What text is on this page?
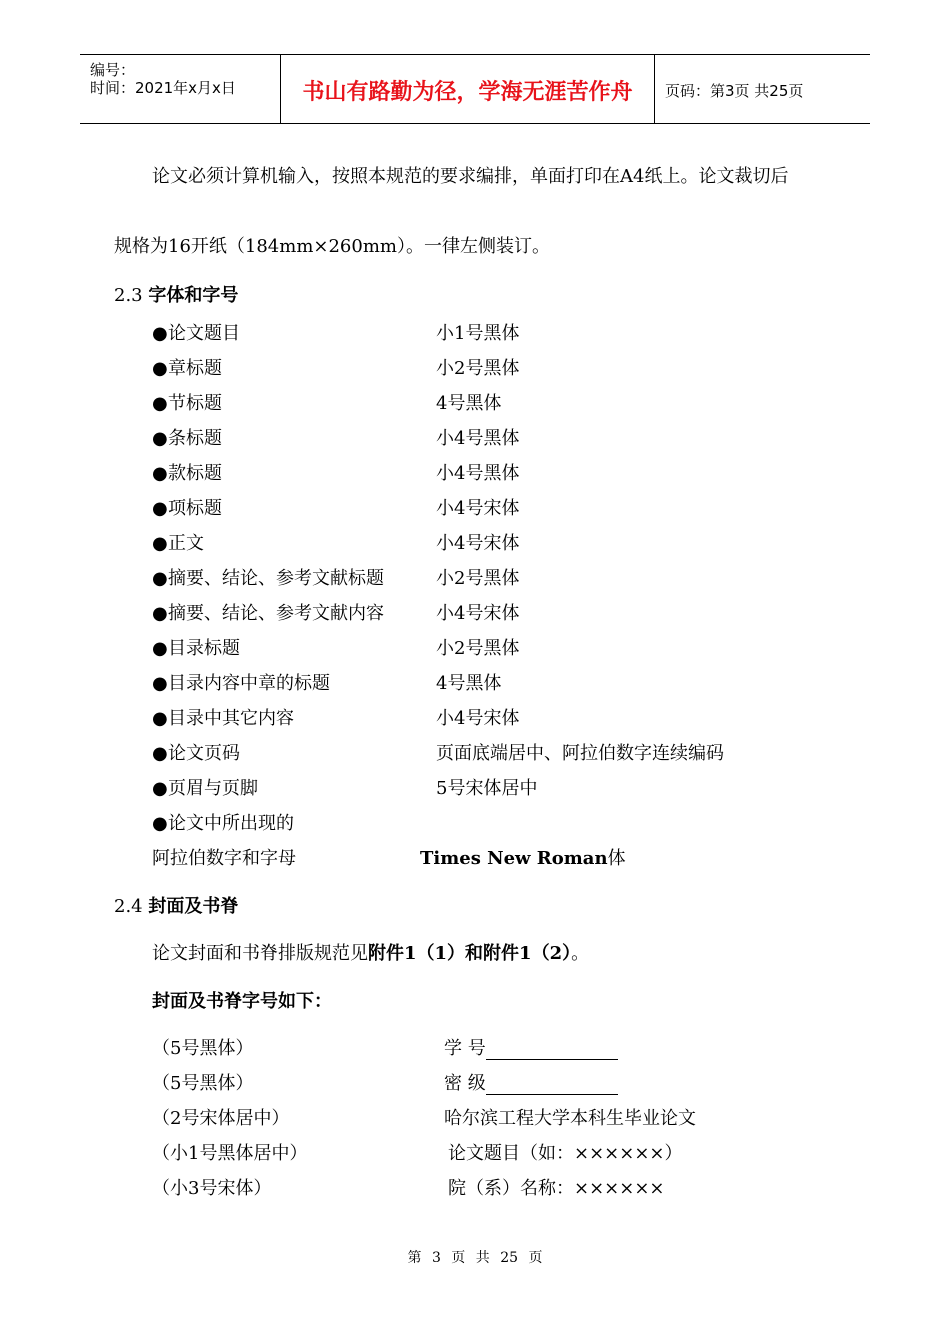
编号：
时间：2021年x月x日	书山有路勤为径，学海无涯苦作舟	页码：第3页 共25页
论文必须计算机输入，按照本规范的要求编排，单面打印在A4纸上。论文裁切后
规格为16开纸（184mm×260mm）。一律左侧装订。
2.3 字体和字号
●论文题目	小1号黑体
●章标题	小2号黑体
●节标题	4号黑体
●条标题	小4号黑体
●款标题	小4号黑体
●项标题	小4号宋体
●正文	小4号宋体
●摘要、结论、参考文献标题	小2号黑体
●摘要、结论、参考文献内容	小4号宋体
●目录标题	小2号黑体
●目录内容中章的标题	4号黑体
●目录中其它内容	小4号宋体
●论文页码	页面底端居中、阿拉伯数字连续编码
●页眉与页脚	5号宋体居中
●论文中所出现的
阿拉伯数字和字母	Times New Roman体
2.4 封面及书脊
论文封面和书脊排版规范见附件1（1）和附件1（2）。
封面及书脊字号如下：
（5号黑体）	学 号
（5号黑体）	密 级
（2号宋体居中）	哈尔滨工程大学本科生毕业论文
（小1号黑体居中）	论文题目（如：××××××）
（小3号宋体）	院（系）名称：××××××
第 3 页 共 25 页
